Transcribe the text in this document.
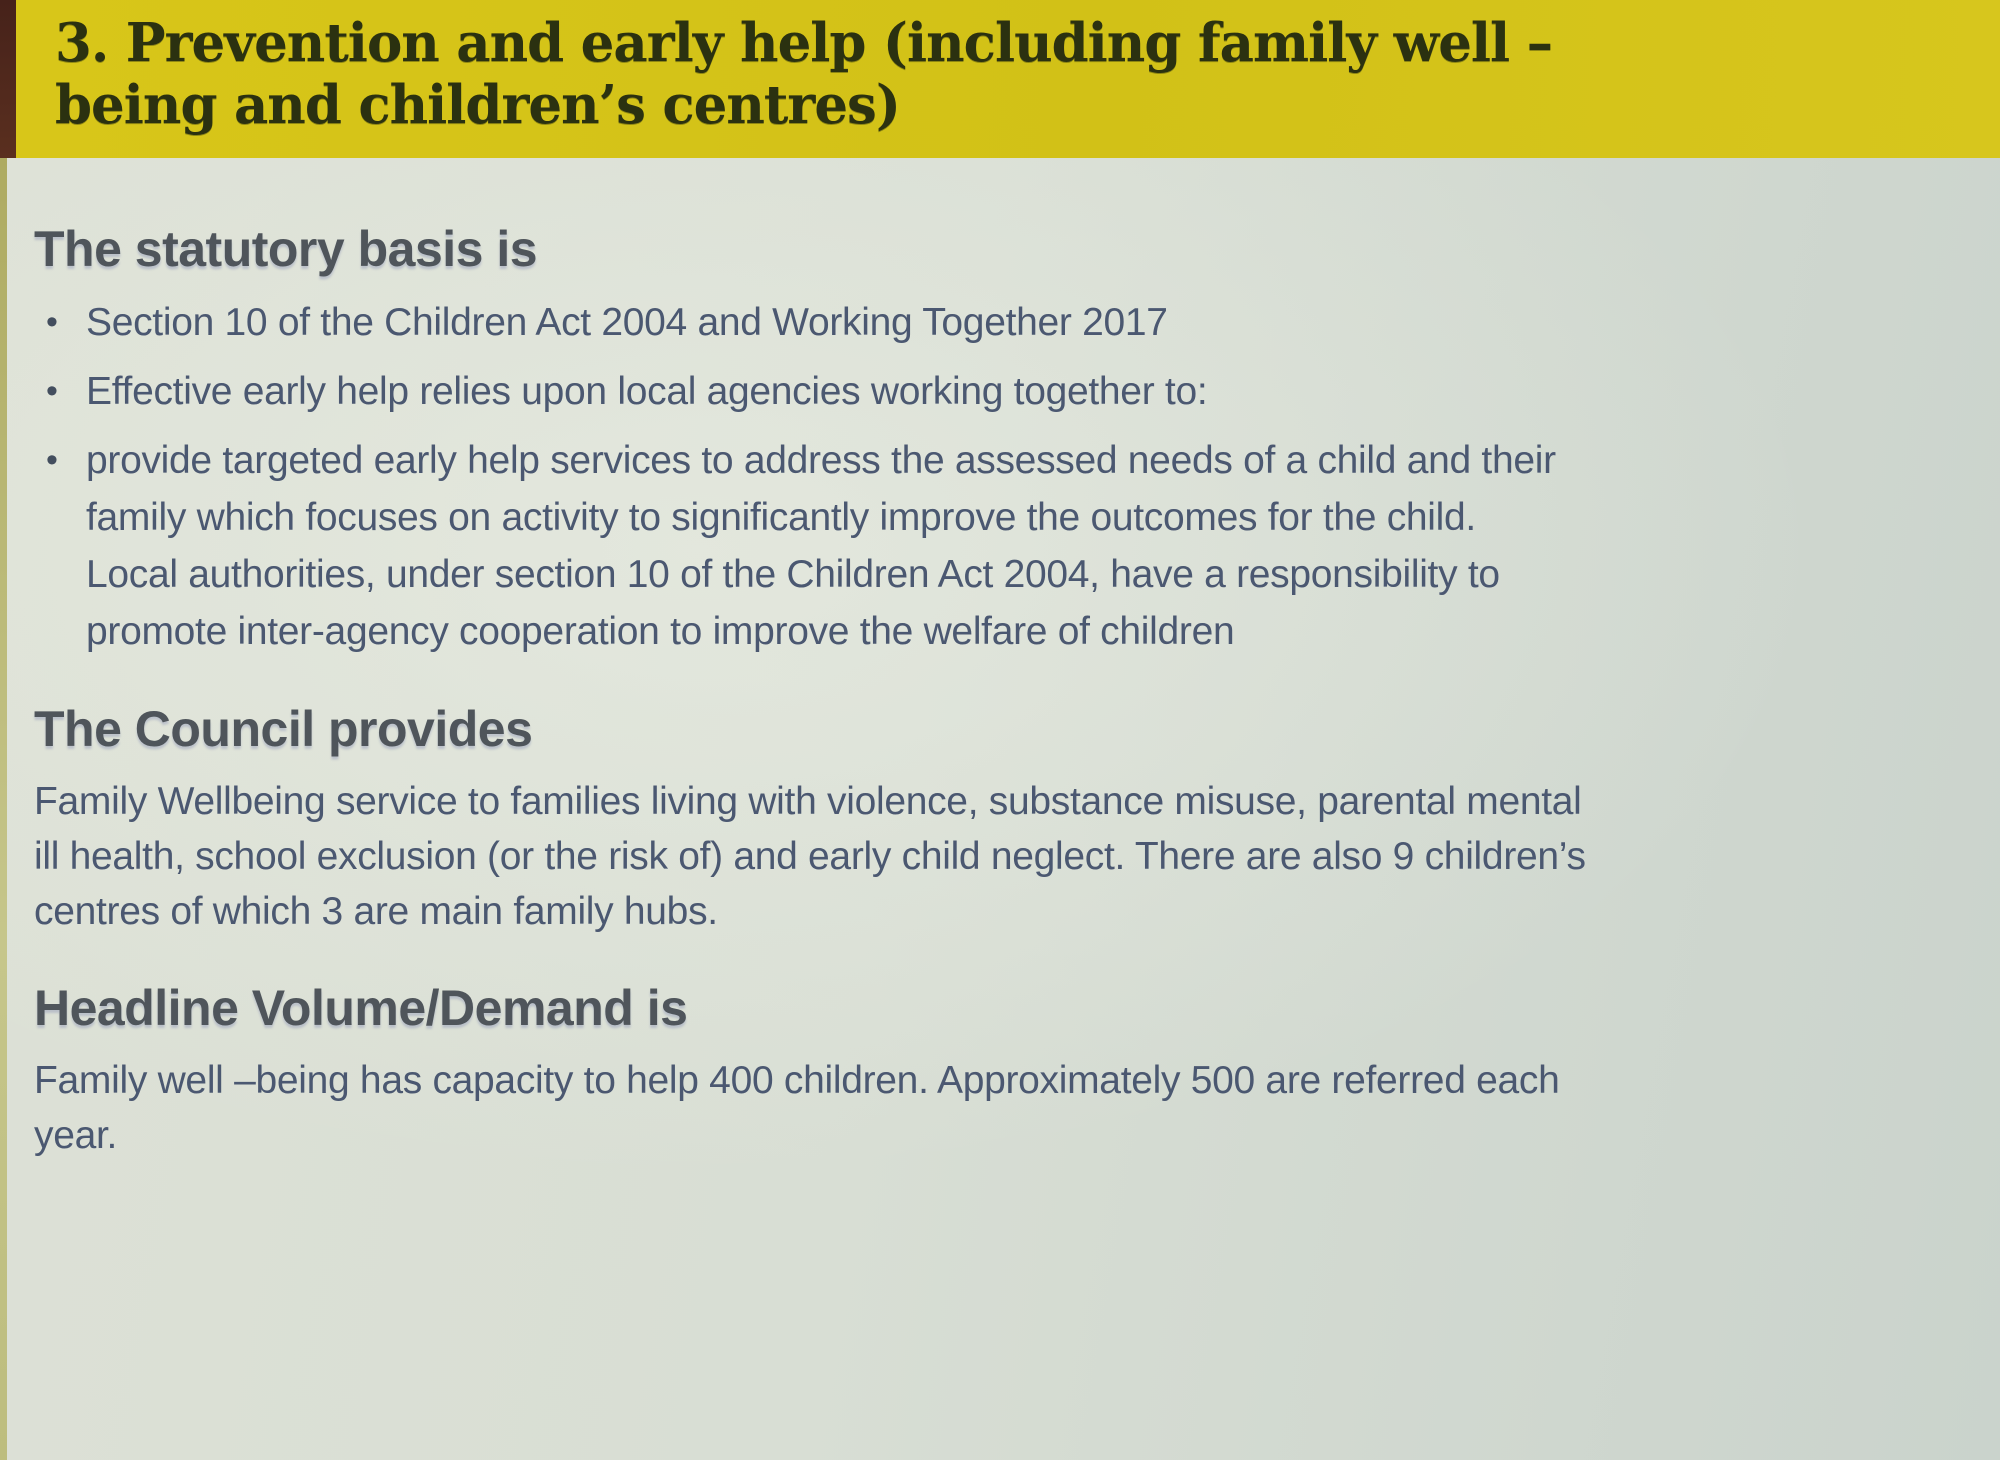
3. Prevention and early help (including family well –
being and children’s centres)
The statutory basis is
• Section 10 of the Children Act 2004 and Working Together 2017
• Effective early help relies upon local agencies working together to:
• provide targeted early help services to address the assessed needs of a child and their family which focuses on activity to significantly improve the outcomes for the child. Local authorities, under section 10 of the Children Act 2004, have a responsibility to promote inter-agency cooperation to improve the welfare of children
The Council provides

Family Wellbeing service to families living with violence, substance misuse, parental mental ill health, school exclusion (or the risk of) and early child neglect. There are also 9 children’s centres of which 3 are main family hubs.

Headline Volume/Demand is

Family well –being has capacity to help 400 children. Approximately 500 are referred each year.
